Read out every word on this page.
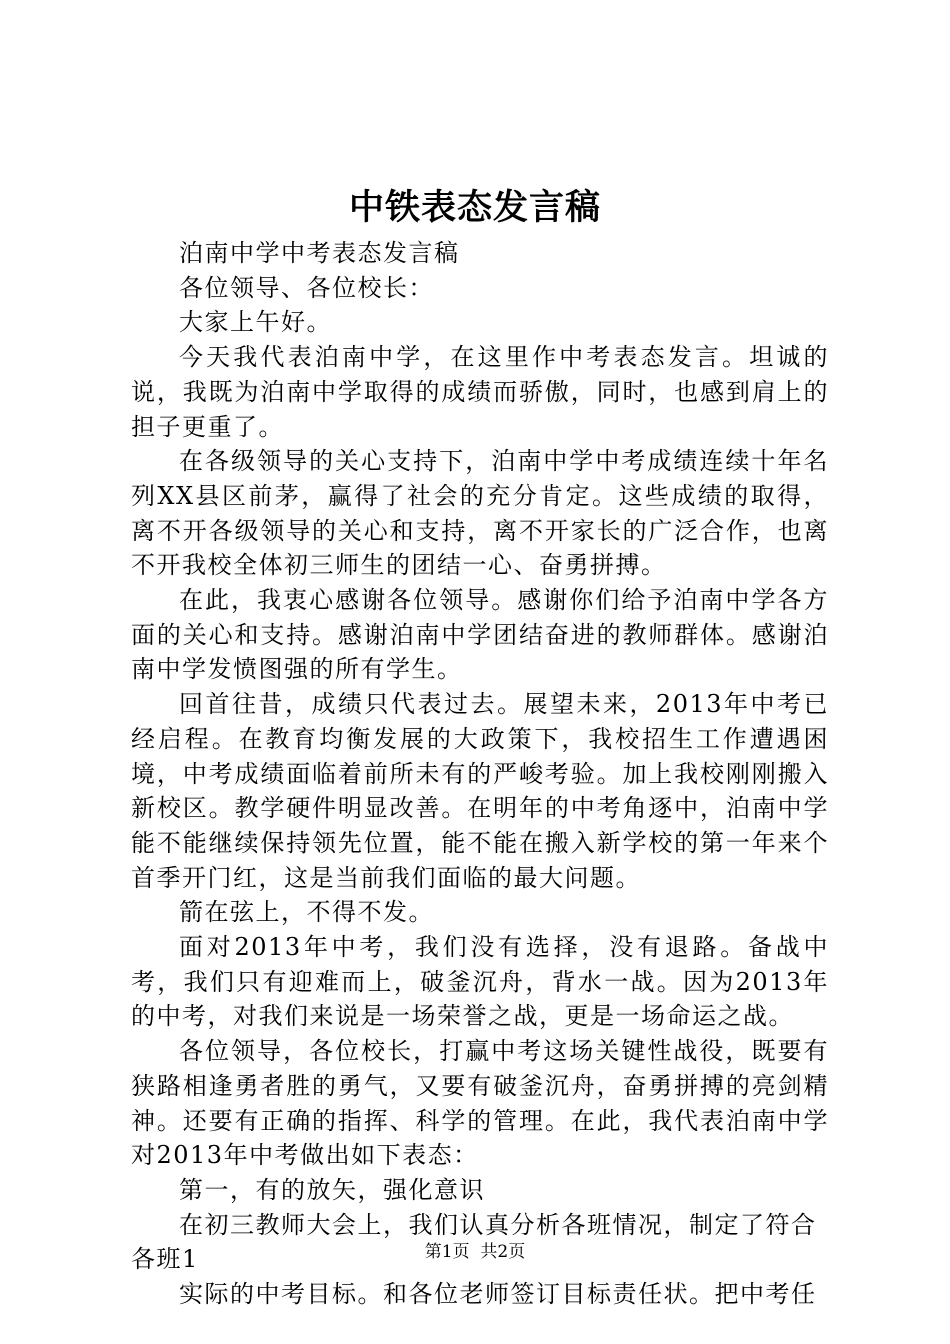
中铁表态发言稿

泊南中学中考表态发言稿

各位领导、各位校长：

大家上午好。

今天我代表泊南中学，在这里作中考表态发言。坦诚的说，我既为泊南中学取得的成绩而骄傲，同时，也感到肩上的担子更重了。

在各级领导的关心支持下，泊南中学中考成绩连续十年名列XX县区前茅，赢得了社会的充分肯定。这些成绩的取得，离不开各级领导的关心和支持，离不开家长的广泛合作，也离不开我校全体初三师生的团结一心、奋勇拼搏。

在此，我衷心感谢各位领导。感谢你们给予泊南中学各方面的关心和支持。感谢泊南中学团结奋进的教师群体。感谢泊南中学发愤图强的所有学生。

回首往昔，成绩只代表过去。展望未来，2013年中考已经启程。在教育均衡发展的大政策下，我校招生工作遭遇困境，中考成绩面临着前所未有的严峻考验。加上我校刚刚搬入新校区。教学硬件明显改善。在明年的中考角逐中，泊南中学能不能继续保持领先位置，能不能在搬入新学校的第一年来个首季开门红，这是当前我们面临的最大问题。

箭在弦上，不得不发。

面对2013年中考，我们没有选择，没有退路。备战中考，我们只有迎难而上，破釜沉舟，背水一战。因为2013年的中考，对我们来说是一场荣誉之战，更是一场命运之战。

各位领导，各位校长，打赢中考这场关键性战役，既要有狭路相逢勇者胜的勇气，又要有破釜沉舟，奋勇拼搏的亮剑精神。还要有正确的指挥、科学的管理。在此，我代表泊南中学对2013年中考做出如下表态：

第一，有的放矢，强化意识

在初三教师大会上，我们认真分析各班情况，制定了符合各班1

实际的中考目标。和各位老师签订目标责任状。把中考任

第1页  共2页
